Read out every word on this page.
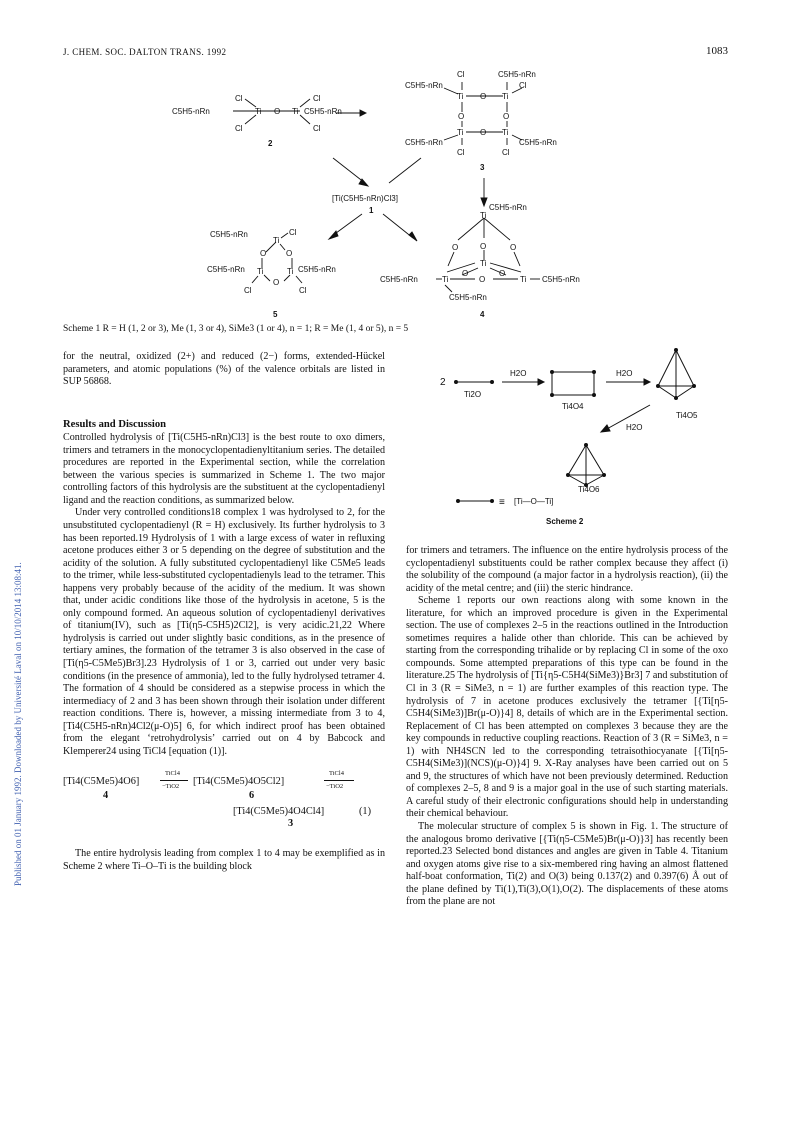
J. CHEM. SOC. DALTON TRANS. 1992	1083
Published on 01 January 1992. Downloaded by Université Laval on 10/10/2014 13:08:41.
Cl	Cl
C5H5-nRn	Ti O Ti C5H5-nRn
Cl	Cl
2
Cl	C5H5-nRn
C5H5-nRn	Cl
Ti O Ti
O	O
Ti O Ti
C5H5-nRn	C5H5-nRn
Cl	Cl
3
[Ti(C5H5-nRn)Cl3]
1
C5H5-nRn	Cl
Ti
O O
C5H5-nRn Ti	Ti C5H5-nRn
O
Cl	Cl
5
C5H5-nRn
Ti
O	O	O
Ti
O	O
C5H5-nRn	Ti	O	Ti C5H5-nRn
C5H5-nRn
4
Scheme 1 R = H (1, 2 or 3), Me (1, 3 or 4), SiMe3 (1 or 4), n = 1; R = Me (1, 4 or 5), n = 5
2
H2O
Ti2O
Ti4O4
H2O
Ti4O5
H2O
Ti4O6
≡ [Ti—O—Ti]
Scheme 2

for the neutral, oxidized (2+) and reduced (2−) forms, extended-Hückel parameters, and atomic populations (%) of the valence orbitals are listed in SUP 56868.

Results and Discussion

Controlled hydrolysis of [Ti(C5H5-nRn)Cl3] is the best route to oxo dimers, trimers and tetramers in the monocyclopentadienyltitanium series. The detailed procedures are reported in the Experimental section, while the correlation between the various species is summarized in Scheme 1. The two major controlling factors of this hydrolysis are the substituent at the cyclopentadienyl ligand and the reaction conditions, as summarized below.

Under very controlled conditions18 complex 1 was hydrolysed to 2, for the unsubstituted cyclopentadienyl (R = H) exclusively. Its further hydrolysis to 3 has been reported.19 Hydrolysis of 1 with a large excess of water in refluxing acetone produces either 3 or 5 depending on the degree of substitution and the acidity of the solution. A fully substituted cyclopentadienyl like C5Me5 leads to the trimer, while less-substituted cyclopentadienyls lead to the tetramer. This happens very probably because of the acidity of the medium. It was shown that, under acidic conditions like those of the hydrolysis in acetone, 5 is the only compound formed. An aqueous solution of cyclopentadienyl derivatives of titanium(IV), such as [Ti(η5-C5H5)2Cl2], is very acidic.21,22 Where hydrolysis is carried out under slightly basic conditions, as in the presence of tertiary amines, the formation of the tetramer 3 is also observed in the case of [Ti(η5-C5Me5)Br3].23 Hydrolysis of 1 or 3, carried out under very basic conditions (in the presence of ammonia), led to the fully hydrolysed tetramer 4. The formation of 4 should be considered as a stepwise process in which the intermediacy of 2 and 3 has been shown through their isolation under different reaction conditions. There is, however, a missing intermediate from 3 to 4, [Ti4(C5H5-nRn)4Cl2(μ-O)5] 6, for which indirect proof has been obtained from the elegant ‘retrohydrolysis’ carried out on 4 by Babcock and Klemperer24 using TiCl4 [equation (1)].

[Ti4(C5Me5)4O6]
TiCl4
−TiO2 [Ti4(C5Me5)4O5Cl2]
TiCl4
−TiO2
4	6
[Ti4(C5Me5)4O4Cl4]	(1)
3

The entire hydrolysis leading from complex 1 to 4 may be exemplified as in Scheme 2 where Ti–O–Ti is the building block

for trimers and tetramers. The influence on the entire hydrolysis process of the cyclopentadienyl substituents could be rather complex because they affect (i) the solubility of the compound (a major factor in a hydrolysis reaction), (ii) the acidity of the metal centre; and (iii) the steric hindrance.

Scheme 1 reports our own reactions along with some known in the literature, for which an improved procedure is given in the Experimental section. The use of complexes 2–5 in the reactions outlined in the Introduction sometimes requires a halide other than chloride. This can be achieved by starting from the corresponding trihalide or by replacing Cl in some of the oxo compounds. Some attempted preparations of this type can be found in the literature.25 The hydrolysis of [Ti{η5-C5H4(SiMe3)}Br3] 7 and substitution of Cl in 3 (R = SiMe3, n = 1) are further examples of this reaction type. The hydrolysis of 7 in acetone produces exclusively the tetramer [{Ti[η5-C5H4(SiMe3)]Br(μ-O)}4] 8, details of which are in the Experimental section. Replacement of Cl has been attempted on complexes 3 because they are the key compounds in reductive coupling reactions. Reaction of 3 (R = SiMe3, n = 1) with NH4SCN led to the corresponding tetraisothiocyanate [{Ti[η5-C5H4(SiMe3)](NCS)(μ-O)}4] 9. X-Ray analyses have been carried out on 5 and 9, the structures of which have not been previously determined. Reduction of complexes 2–5, 8 and 9 is a major goal in the use of such starting materials. A careful study of their electronic configurations should help in understanding their chemical behaviour.

The molecular structure of complex 5 is shown in Fig. 1. The structure of the analogous bromo derivative [{Ti(η5-C5Me5)Br(μ-O)}3] has recently been reported.23 Selected bond distances and angles are given in Table 4. Titanium and oxygen atoms give rise to a six-membered ring having an almost flattened half-boat conformation, Ti(2) and O(3) being 0.137(2) and 0.397(6) Å out of the plane defined by Ti(1),Ti(3),O(1),O(2). The displacements of these atoms from the plane are not
